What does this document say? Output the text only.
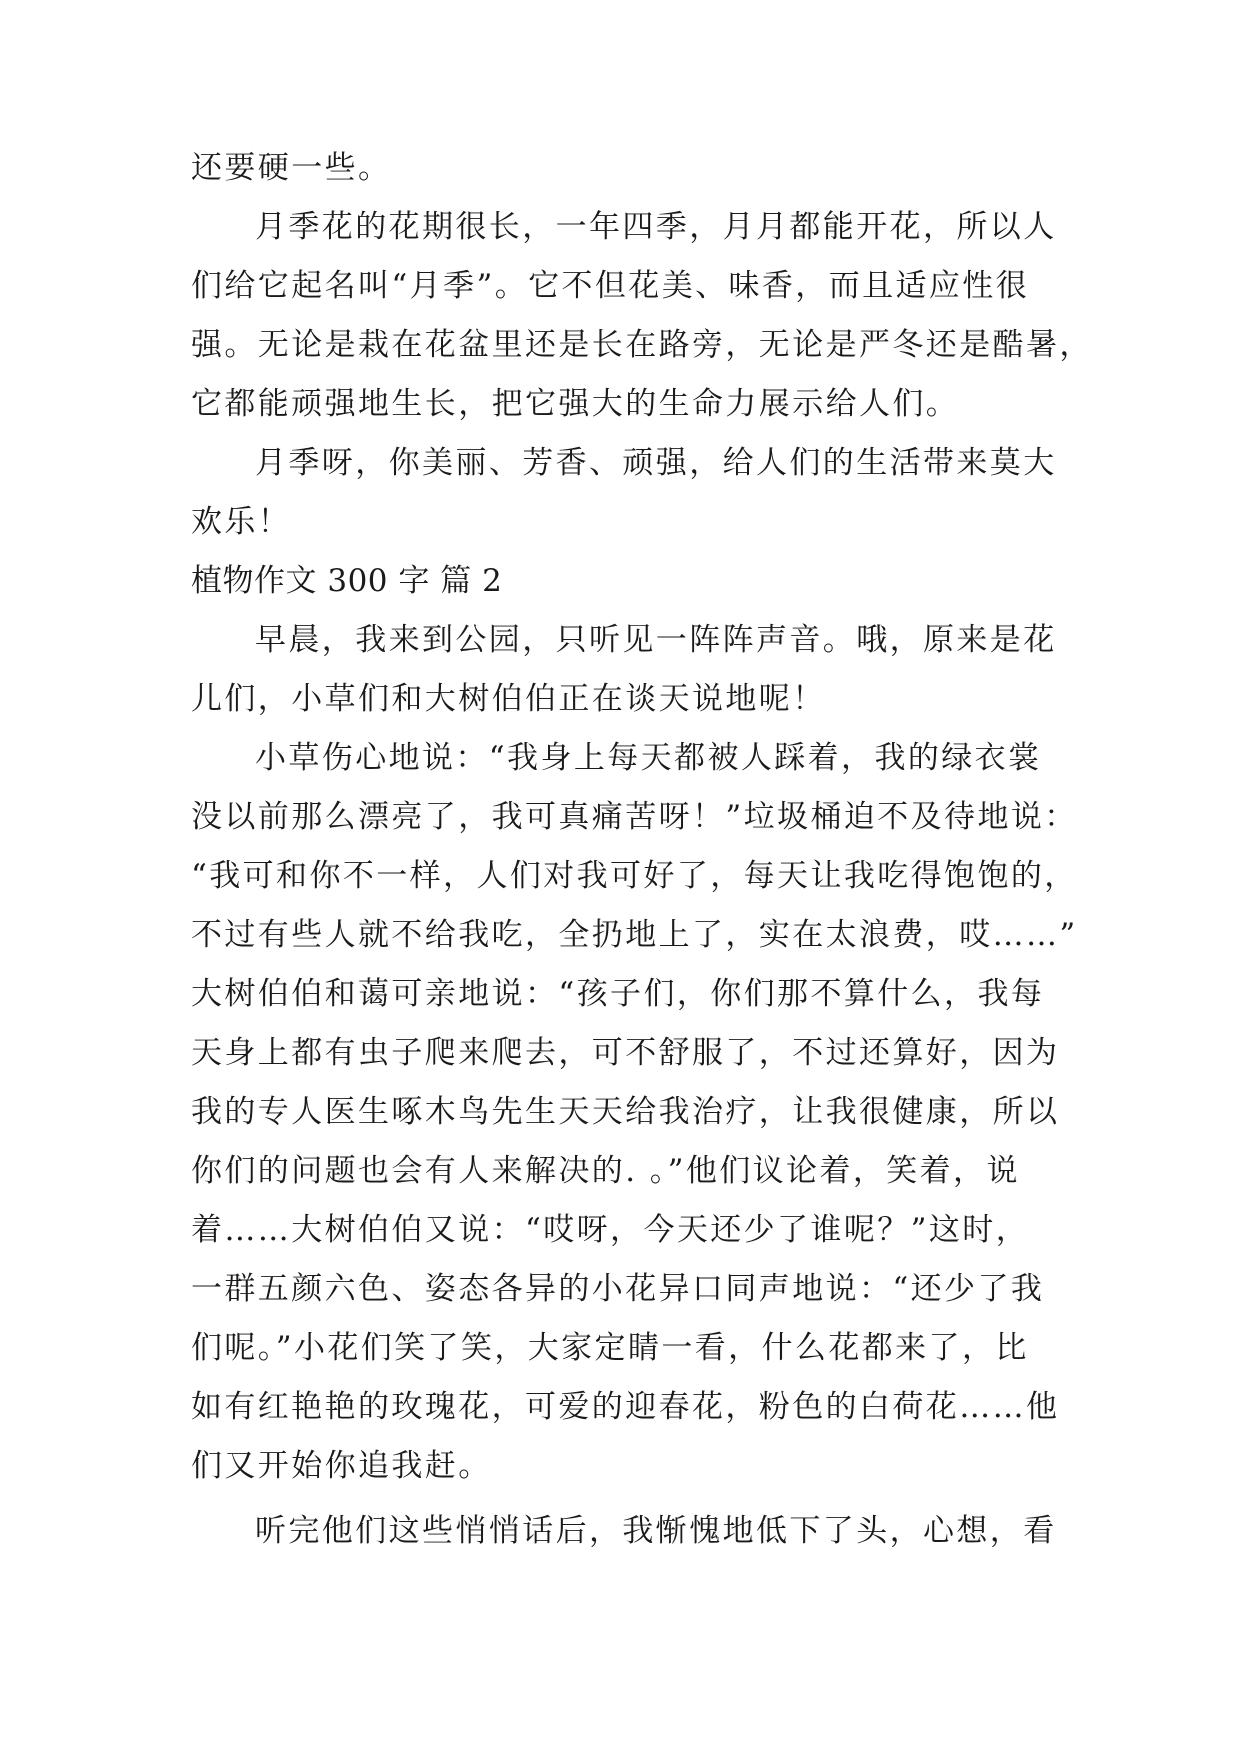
还要硬一些。
月季花的花期很长，一年四季，月月都能开花，所以人
们给它起名叫“月季”。它不但花美、味香，而且适应性很
强。无论是栽在花盆里还是长在路旁，无论是严冬还是酷暑，
它都能顽强地生长，把它强大的生命力展示给人们。
月季呀，你美丽、芳香、顽强，给人们的生活带来莫大
欢乐！
植物作文 300 字 篇 2
早晨，我来到公园，只听见一阵阵声音。哦，原来是花
儿们，小草们和大树伯伯正在谈天说地呢！
小草伤心地说：“我身上每天都被人踩着，我的绿衣裳
没以前那么漂亮了，我可真痛苦呀！”垃圾桶迫不及待地说：
“我可和你不一样，人们对我可好了，每天让我吃得饱饱的，
不过有些人就不给我吃，全扔地上了，实在太浪费，哎……”
大树伯伯和蔼可亲地说：“孩子们，你们那不算什么，我每
天身上都有虫子爬来爬去，可不舒服了，不过还算好，因为
我的专人医生啄木鸟先生天天给我治疗，让我很健康，所以
你们的问题也会有人来解决的. 。”他们议论着，笑着，说
着……大树伯伯又说：“哎呀，今天还少了谁呢？”这时，
一群五颜六色、姿态各异的小花异口同声地说：“还少了我
们呢。”小花们笑了笑，大家定睛一看，什么花都来了，比
如有红艳艳的玫瑰花，可爱的迎春花，粉色的白荷花……他
们又开始你追我赶。
听完他们这些悄悄话后，我惭愧地低下了头，心想，看
